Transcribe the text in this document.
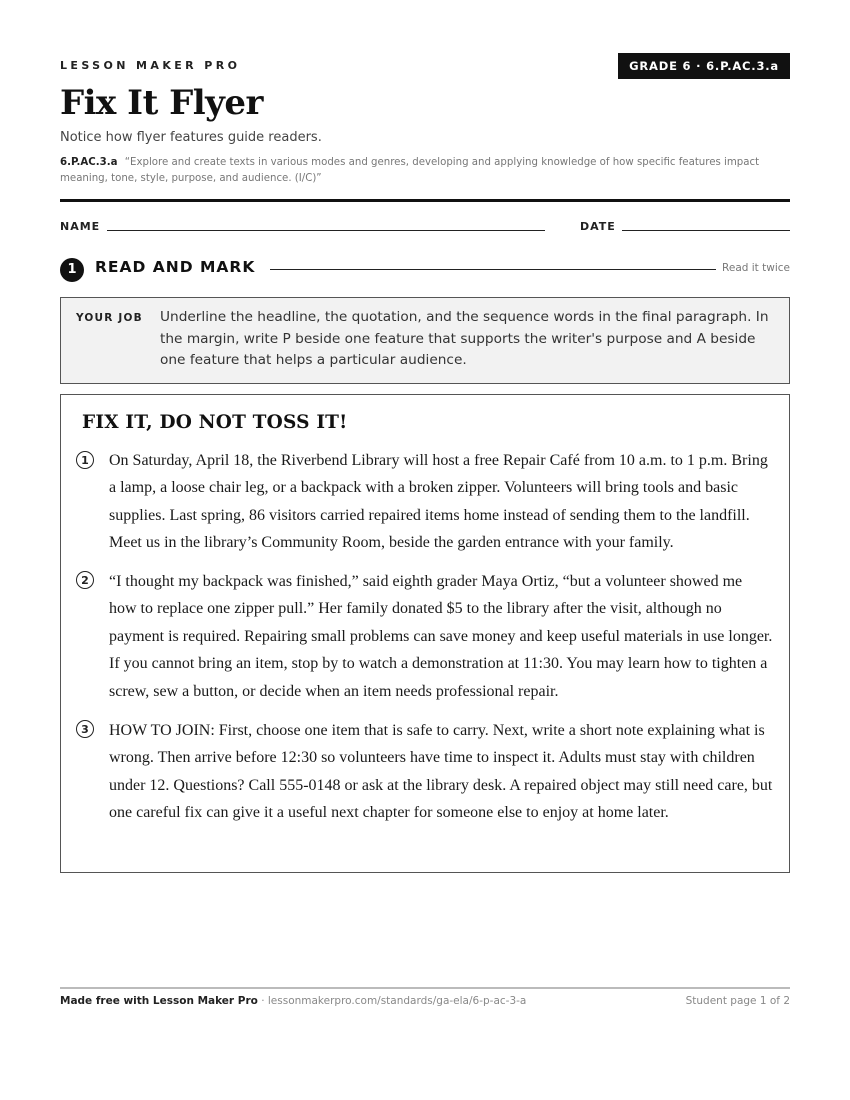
LESSON MAKER PRO	GRADE 6 · 6.P.AC.3.a
Fix It Flyer
Notice how flyer features guide readers.
6.P.AC.3.a “Explore and create texts in various modes and genres, developing and applying knowledge of how specific features impact meaning, tone, style, purpose, and audience. (I/C)”
NAME	DATE
1	READ AND MARK	Read it twice
YOUR JOB Underline the headline, the quotation, and the sequence words in the final paragraph. In the margin, write P beside one feature that supports the writer's purpose and A beside one feature that helps a particular audience.
FIX IT, DO NOT TOSS IT!
1	On Saturday, April 18, the Riverbend Library will host a free Repair Café from 10 a.m. to 1 p.m. Bring a lamp, a loose chair leg, or a backpack with a broken zipper. Volunteers will bring tools and basic supplies. Last spring, 86 visitors carried repaired items home instead of sending them to the landfill. Meet us in the library’s Community Room, beside the garden entrance with your family.
2	“I thought my backpack was finished,” said eighth grader Maya Ortiz, “but a volunteer showed me how to replace one zipper pull.” Her family donated $5 to the library after the visit, although no payment is required. Repairing small problems can save money and keep useful materials in use longer. If you cannot bring an item, stop by to watch a demonstration at 11:30. You may learn how to tighten a screw, sew a button, or decide when an item needs professional repair.
3	HOW TO JOIN: First, choose one item that is safe to carry. Next, write a short note explaining what is wrong. Then arrive before 12:30 so volunteers have time to inspect it. Adults must stay with children under 12. Questions? Call 555-0148 or ask at the library desk. A repaired object may still need care, but one careful fix can give it a useful next chapter for someone else to enjoy at home later.
Made free with Lesson Maker Pro · lessonmakerpro.com/standards/ga-ela/6-p-ac-3-a	Student page 1 of 2
